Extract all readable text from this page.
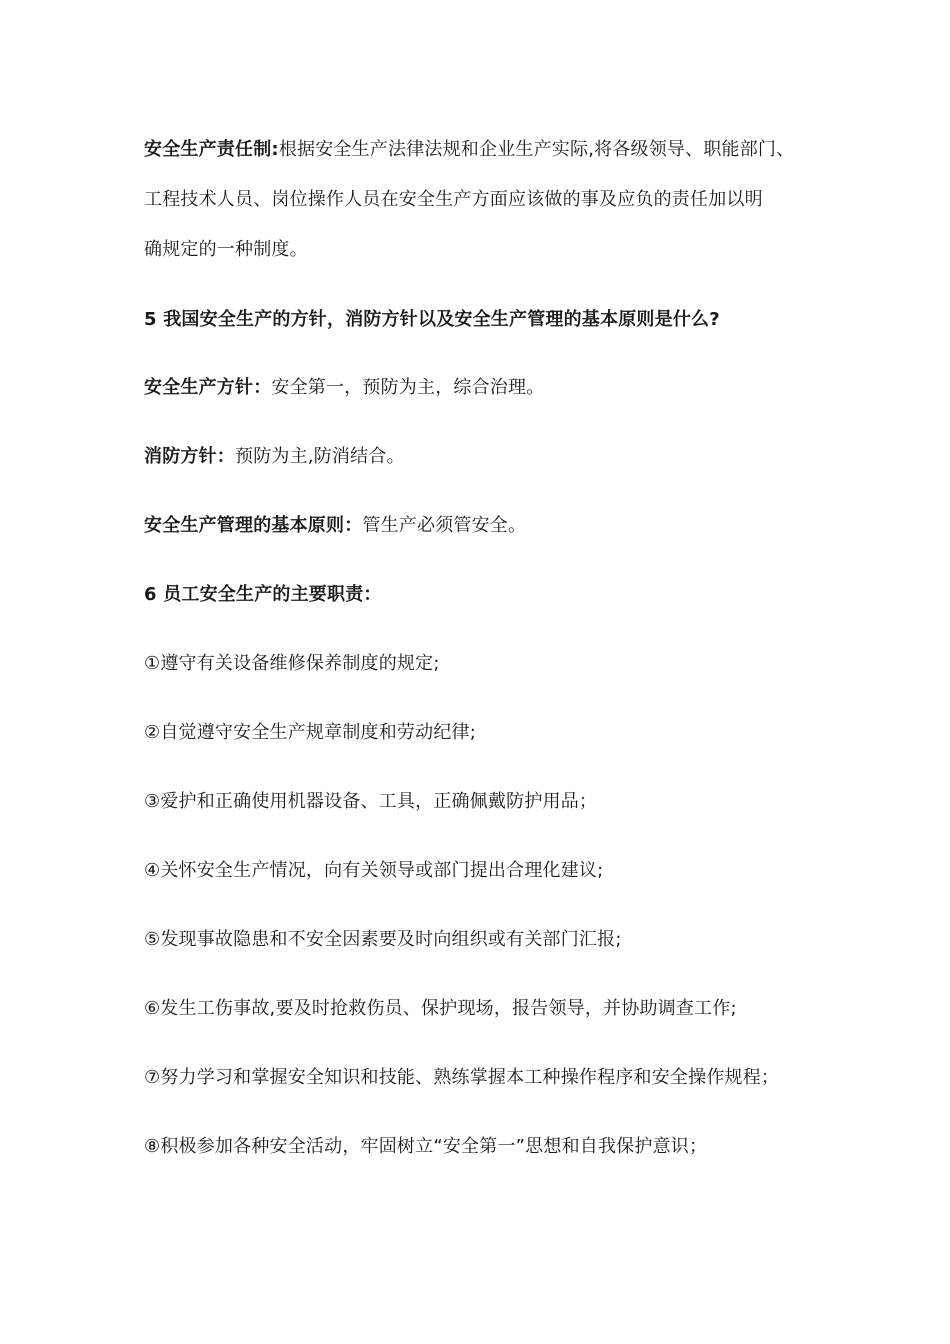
安全生产责任制:根据安全生产法律法规和企业生产实际,将各级领导、职能部门、
工程技术人员、岗位操作人员在安全生产方面应该做的事及应负的责任加以明
确规定的一种制度。
5 我国安全生产的方针，消防方针以及安全生产管理的基本原则是什么?
安全生产方针：安全第一，预防为主，综合治理。
消防方针：预防为主,防消结合。
安全生产管理的基本原则：管生产必须管安全。
6 员工安全生产的主要职责：
①遵守有关设备维修保养制度的规定;
②自觉遵守安全生产规章制度和劳动纪律;
③爱护和正确使用机器设备、工具，正确佩戴防护用品；
④关怀安全生产情况，向有关领导或部门提出合理化建议;
⑤发现事故隐患和不安全因素要及时向组织或有关部门汇报;
⑥发生工伤事故,要及时抢救伤员、保护现场，报告领导，并协助调查工作;
⑦努力学习和掌握安全知识和技能、熟练掌握本工种操作程序和安全操作规程；
⑧积极参加各种安全活动，牢固树立“安全第一”思想和自我保护意识；
